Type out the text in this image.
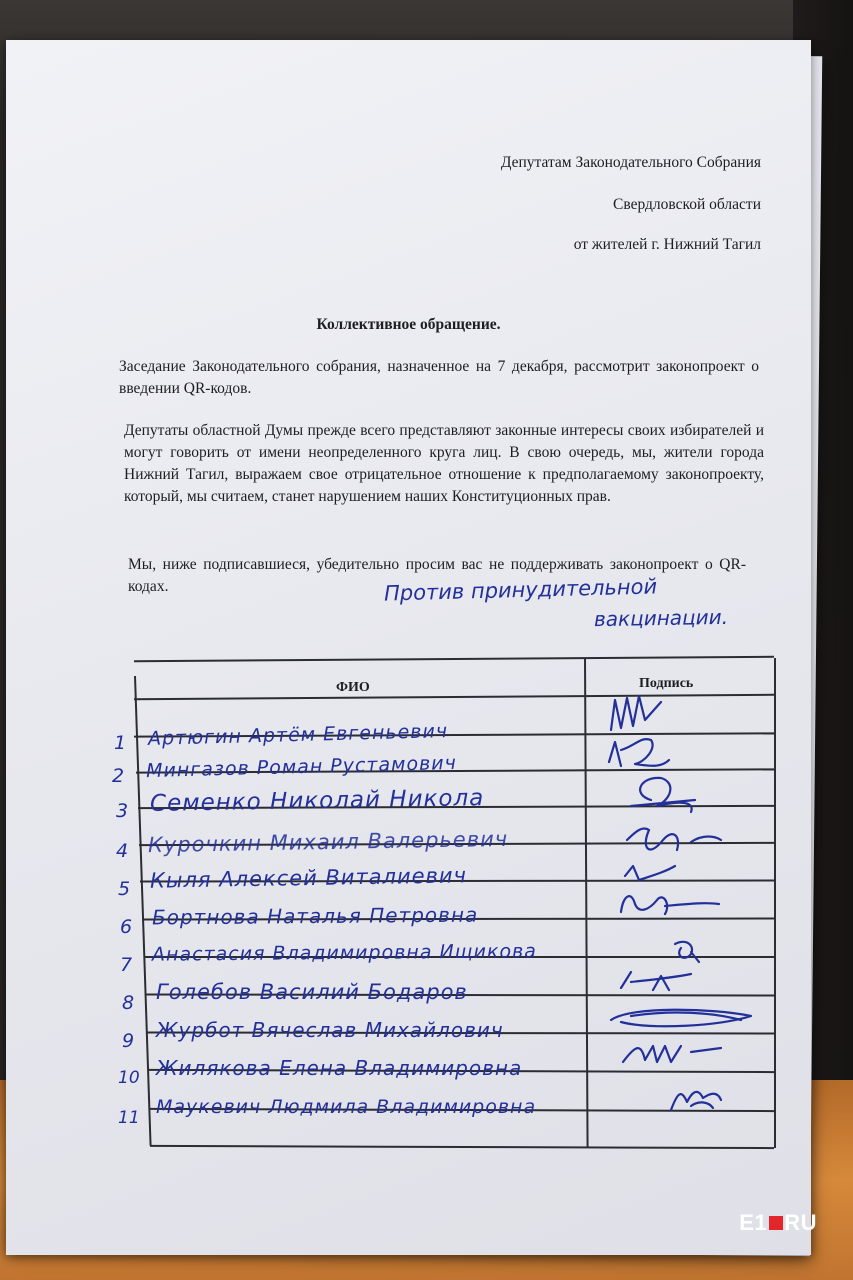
Депутатам Законодательного Собрания
Свердловской области
от жителей г. Нижний Тагил
Коллективное обращение.
Заседание Законодательного собрания, назначенное на 7 декабря, рассмотрит законопроект о введении QR-кодов.
Депутаты областной Думы прежде всего представляют законные интересы своих избирателей и могут говорить от имени неопределенного круга лиц. В свою очередь, мы, жители города Нижний Тагил, выражаем свое отрицательное отношение к предполагаемому законопроекту, который, мы считаем, станет нарушением наших Конституционных прав.
Мы, ниже подписавшиеся, убедительно просим вас не поддерживать законопроект о QR-кодах.	Против принудительной
вакцинации.
ФИО	Подпись
1 Артюгин Артём Евгеньевич
2 Мингазов Роман Рустамович
3 Семенко Николай Никола
4 Курочкин Михаил Валерьевич
5 Кыля Алексей Виталиевич
6 Бортнова Наталья Петровна
7 Анастасия Владимировна Ищикова
8 Голебов Василий Бодаров
9 Журбот Вячеслав Михайлович
10 Жилякова Елена Владимировна
11 Маукевич Людмила Владимировна
E1 RU
